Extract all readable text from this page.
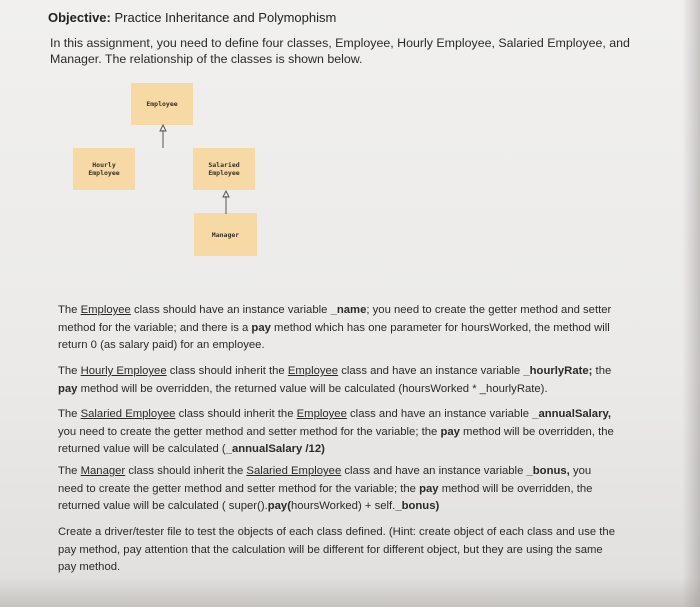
Objective: Practice Inheritance and Polymophism
In this assignment, you need to define four classes, Employee, Hourly Employee, Salaried Employee, and Manager. The relationship of the classes is shown below.
Employee
Hourly
Employee
Salaried
Employee
Manager
The Employee class should have an instance variable _name; you need to create the getter method and setter method for the variable; and there is a pay method which has one parameter for hoursWorked, the method will return 0 (as salary paid) for an employee.
The Hourly Employee class should inherit the Employee class and have an instance variable _hourlyRate; the pay method will be overridden, the returned value will be calculated (hoursWorked * _hourlyRate).
The Salaried Employee class should inherit the Employee class and have an instance variable _annualSalary, you need to create the getter method and setter method for the variable; the pay method will be overridden, the returned value will be calculated (_annualSalary /12)
The Manager class should inherit the Salaried Employee class and have an instance variable _bonus, you need to create the getter method and setter method for the variable; the pay method will be overridden, the returned value will be calculated ( super().pay(hoursWorked) + self._bonus)
Create a driver/tester file to test the objects of each class defined. (Hint: create object of each class and use the pay method, pay attention that the calculation will be different for different object, but they are using the same pay method.
